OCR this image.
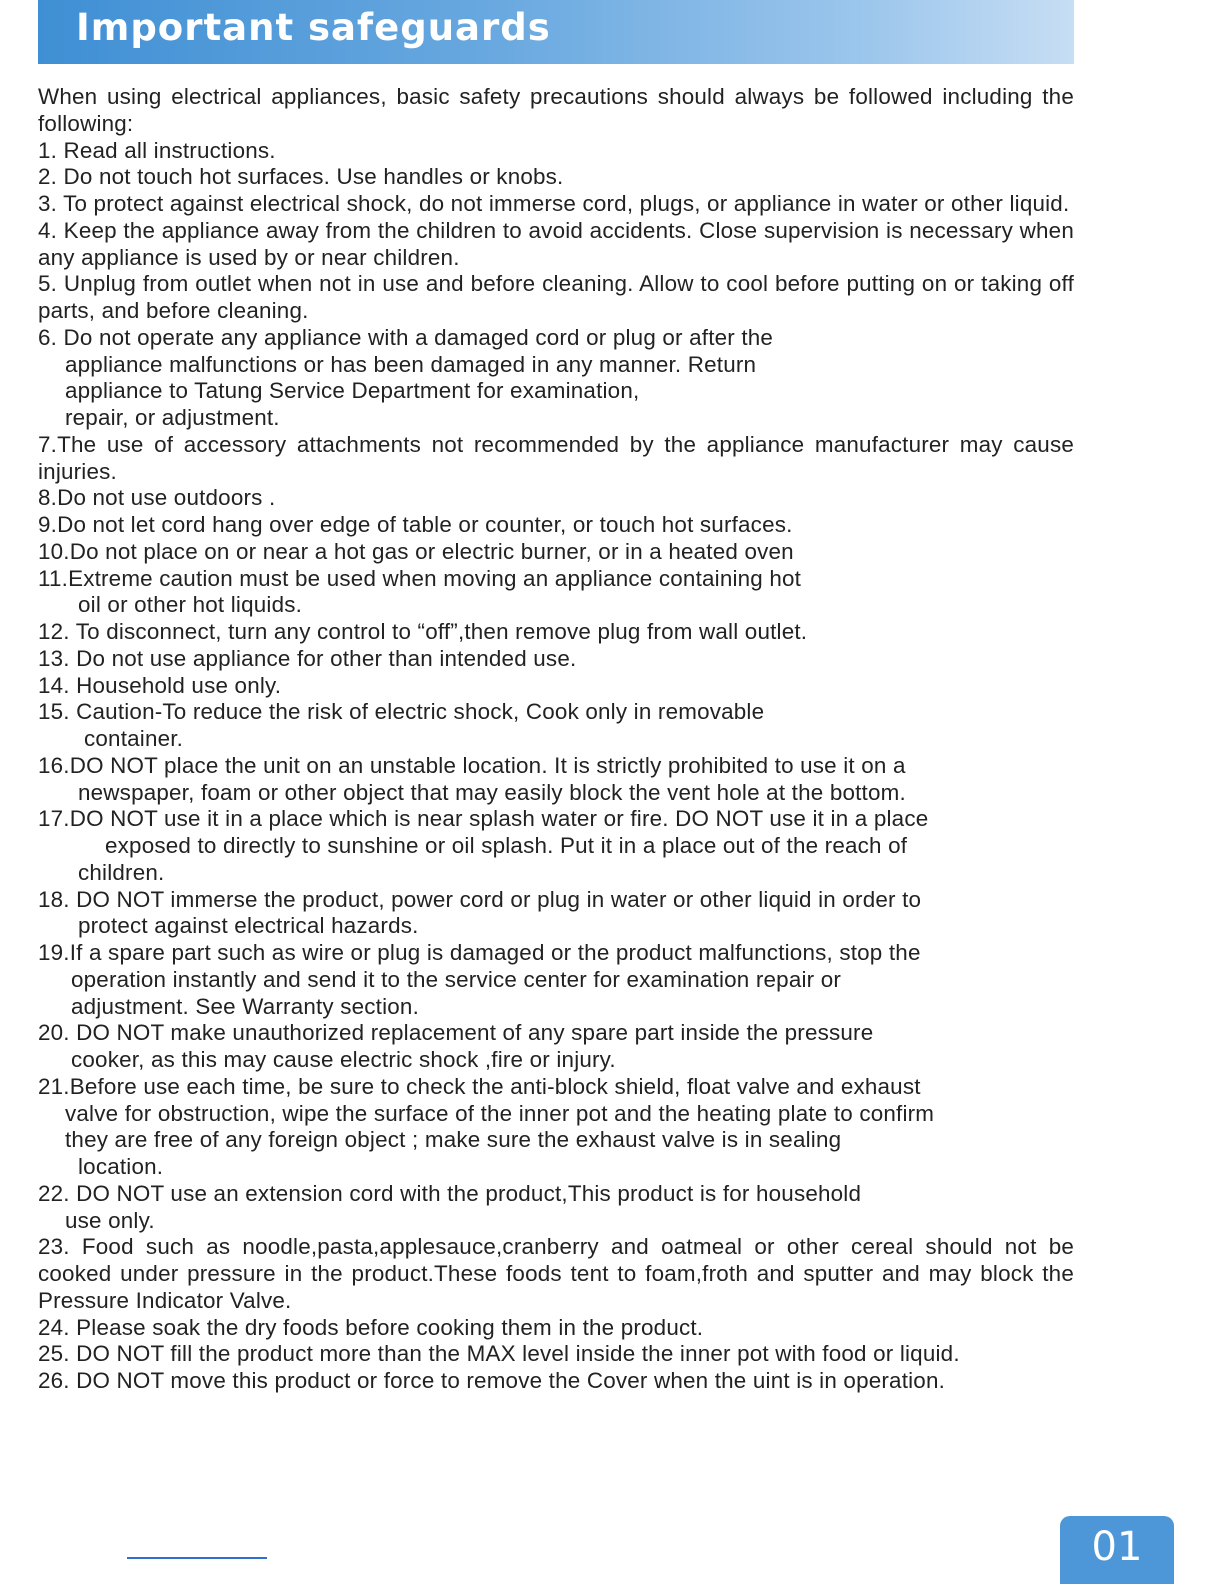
Important safeguards

When using electrical appliances, basic safety precautions should always be followed including the following:

1. Read all instructions.

2. Do not touch hot surfaces. Use handles or knobs.

3. To protect against electrical shock, do not immerse cord, plugs, or appliance in water or other liquid.

4. Keep the appliance away from the children to avoid accidents. Close supervision is necessary when any appliance is used by or near children.

5. Unplug from outlet when not in use and before cleaning. Allow to cool before putting on or taking off parts, and before cleaning.

6. Do not operate any appliance with a damaged cord or plug or after the

appliance malfunctions or has been damaged in any manner. Return

appliance to Tatung Service Department for examination,

repair, or adjustment.

7.The use of accessory attachments not recommended by the appliance manufacturer may cause injuries.

8.Do not use outdoors .

9.Do not let cord hang over edge of table or counter, or touch hot surfaces.

10.Do not place on or near a hot gas or electric burner, or in a heated oven

11.Extreme caution must be used when moving an appliance containing hot

oil or other hot liquids.

12. To disconnect, turn any control to “off”,then remove plug from wall outlet.

13. Do not use appliance for other than intended use.

14. Household use only.

15. Caution-To reduce the risk of electric shock, Cook only in removable

container.

16.DO NOT place the unit on an unstable location. It is strictly prohibited to use it on a

newspaper, foam or other object that may easily block the vent hole at the bottom.

17.DO NOT use it in a place which is near splash water or fire. DO NOT use it in a place

exposed to directly to sunshine or oil splash. Put it in a place out of the reach of

children.

18. DO NOT immerse the product, power cord or plug in water or other liquid in order to

protect against electrical hazards.

19.If a spare part such as wire or plug is damaged or the product malfunctions, stop the

operation instantly and send it to the service center for examination repair or

adjustment. See Warranty section.

20. DO NOT make unauthorized replacement of any spare part inside the pressure

cooker, as this may cause electric shock ,fire or injury.

21.Before use each time, be sure to check the anti-block shield, float valve and exhaust

valve for obstruction, wipe the surface of the inner pot and the heating plate to confirm

they are free of any foreign object ; make sure the exhaust valve is in sealing

location.

22. DO NOT use an extension cord with the product,This product is for household

use only.

23. Food such as noodle,pasta,applesauce,cranberry and oatmeal or other cereal should not be cooked under pressure in the product.These foods tent to foam,froth and sputter and may block the Pressure Indicator Valve.

24. Please soak the dry foods before cooking them in the product.

25. DO NOT fill the product more than the MAX level inside the inner pot with food or liquid.

26. DO NOT move this product or force to remove the Cover when the uint is in operation.

01
